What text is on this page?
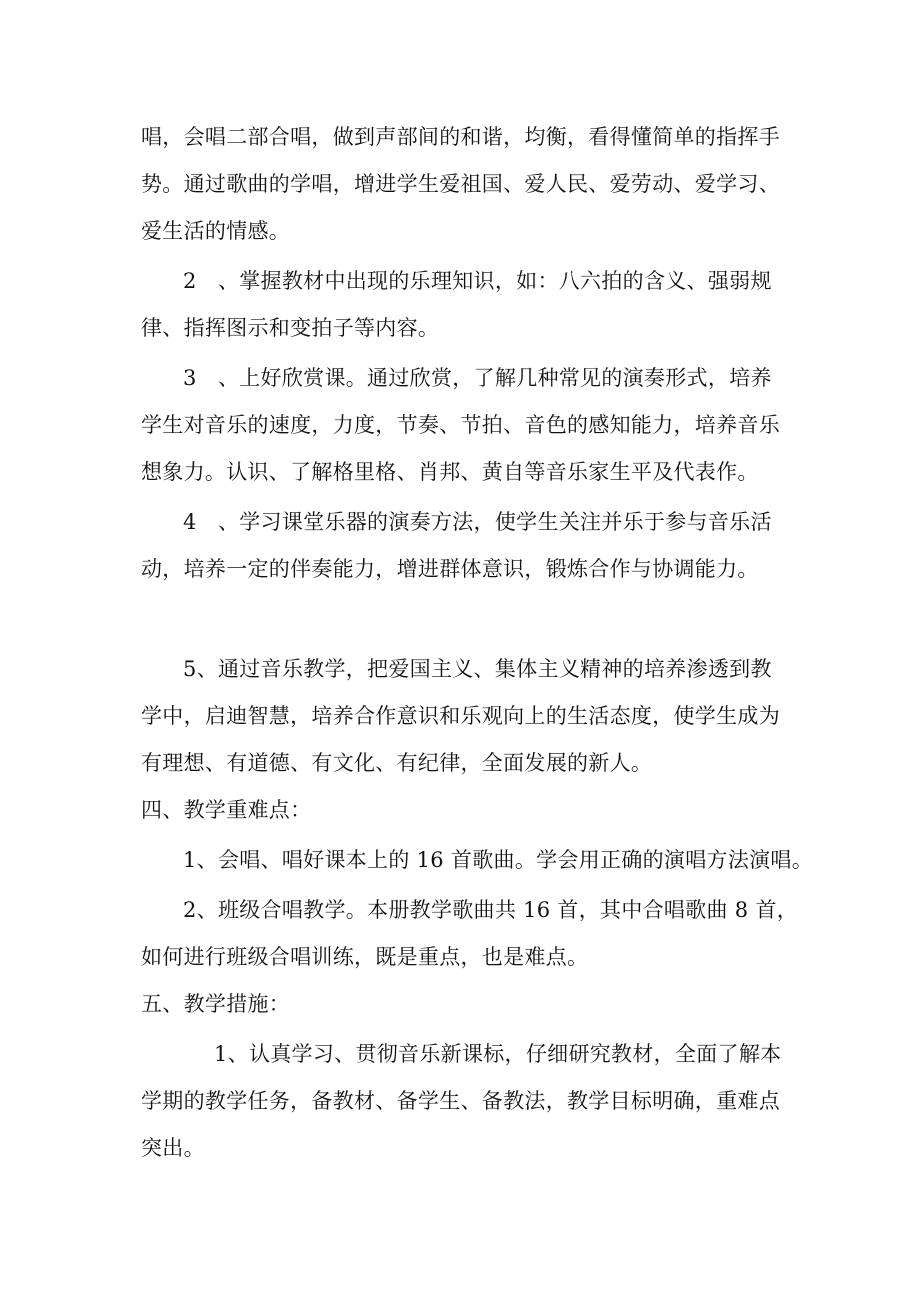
唱，会唱二部合唱，做到声部间的和谐，均衡，看得懂简单的指挥手

势。通过歌曲的学唱，增进学生爱祖国、爱人民、爱劳动、爱学习、

爱生活的情感。

2　、掌握教材中出现的乐理知识，如：八六拍的含义、强弱规

律、指挥图示和变拍子等内容。

3　、上好欣赏课。通过欣赏，了解几种常见的演奏形式，培养

学生对音乐的速度，力度，节奏、节拍、音色的感知能力，培养音乐

想象力。认识、了解格里格、肖邦、黄自等音乐家生平及代表作。

4　、学习课堂乐器的演奏方法，使学生关注并乐于参与音乐活

动，培养一定的伴奏能力，增进群体意识，锻炼合作与协调能力。

5、通过音乐教学，把爱国主义、集体主义精神的培养渗透到教

学中，启迪智慧，培养合作意识和乐观向上的生活态度，使学生成为

有理想、有道德、有文化、有纪律，全面发展的新人。

四、教学重难点：

1、会唱、唱好课本上的 16 首歌曲。学会用正确的演唱方法演唱。

2、班级合唱教学。本册教学歌曲共 16 首，其中合唱歌曲 8 首，

如何进行班级合唱训练，既是重点，也是难点。

五、教学措施：

1、认真学习、贯彻音乐新课标，仔细研究教材，全面了解本

学期的教学任务，备教材、备学生、备教法，教学目标明确，重难点

突出。
